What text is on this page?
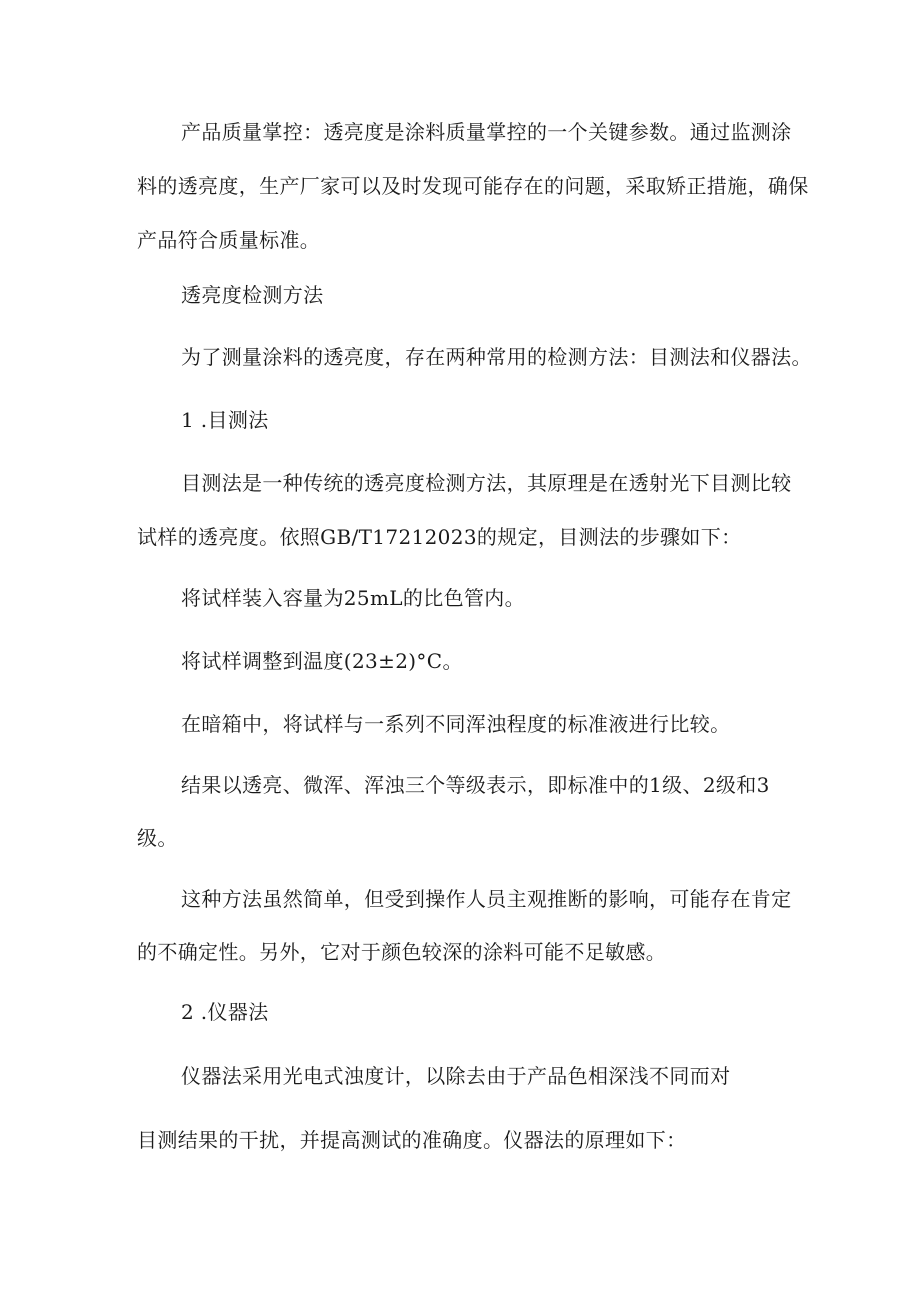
产品质量掌控：透亮度是涂料质量掌控的一个关键参数。通过监测涂
料的透亮度，生产厂家可以及时发现可能存在的问题，采取矫正措施，确保
产品符合质量标准。
透亮度检测方法
为了测量涂料的透亮度，存在两种常用的检测方法：目测法和仪器法。
1 .目测法
目测法是一种传统的透亮度检测方法，其原理是在透射光下目测比较
试样的透亮度。依照GB/T17212023的规定，目测法的步骤如下：
将试样装入容量为25mL的比色管内。
将试样调整到温度(23±2)°C。
在暗箱中，将试样与一系列不同浑浊程度的标准液进行比较。
结果以透亮、微浑、浑浊三个等级表示，即标准中的1级、2级和3
级。
这种方法虽然简单，但受到操作人员主观推断的影响，可能存在肯定
的不确定性。另外，它对于颜色较深的涂料可能不足敏感。
2 .仪器法
仪器法采用光电式浊度计，以除去由于产品色相深浅不同而对
目测结果的干扰，并提高测试的准确度。仪器法的原理如下：
